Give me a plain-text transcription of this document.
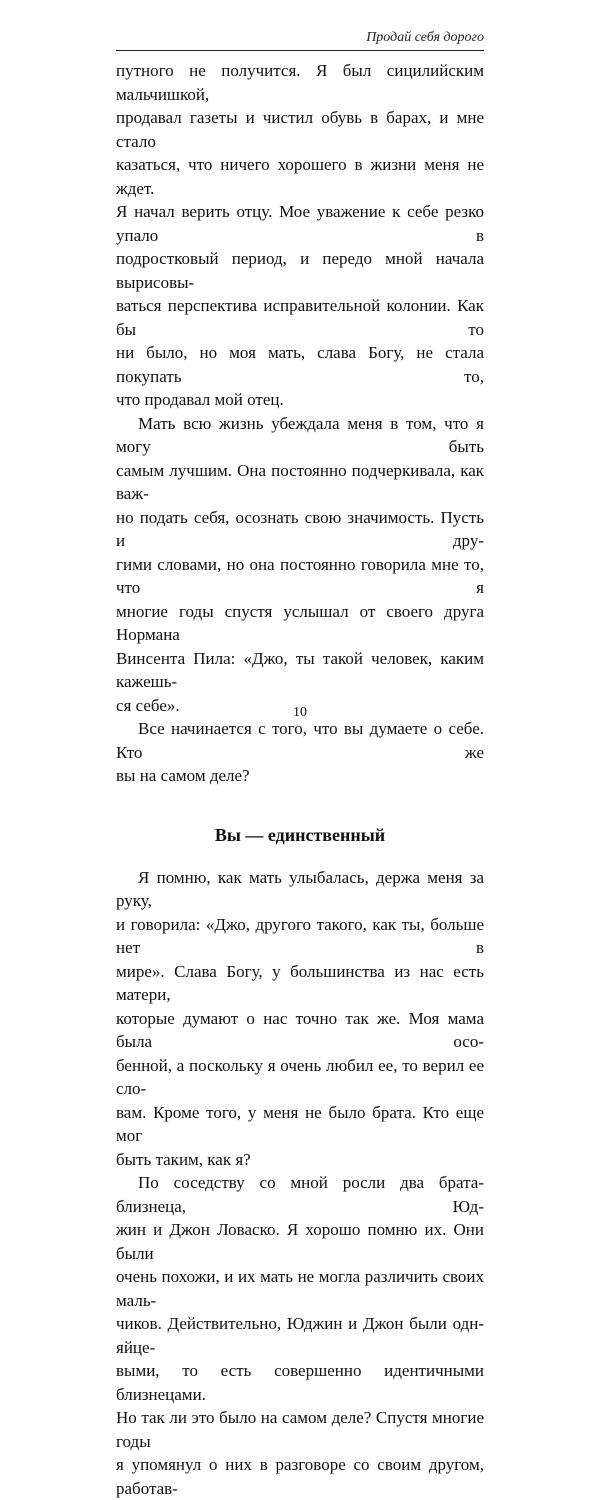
Продай себя дорого

путного не получится. Я был сицилийским мальчишкой,

продавал газеты и чистил обувь в барах, и мне стало

казаться, что ничего хорошего в жизни меня не ждет.

Я начал верить отцу. Мое уважение к себе резко упало в

подростковый период, и передо мной начала вырисовы-

ваться перспектива исправительной колонии. Как бы то

ни было, но моя мать, слава Богу, не стала покупать то,

что продавал мой отец.

Мать всю жизнь убеждала меня в том, что я могу быть

самым лучшим. Она постоянно подчеркивала, как важ-

но подать себя, осознать свою значимость. Пусть и дру-

гими словами, но она постоянно говорила мне то, что я

многие годы спустя услышал от своего друга Нормана

Винсента Пила: «Джо, ты такой человек, каким кажешь-

ся себе».

Все начинается с того, что вы думаете о себе. Кто же

вы на самом деле?

Вы — единственный

Я помню, как мать улыбалась, держа меня за руку,

и говорила: «Джо, другого такого, как ты, больше нет в

мире». Слава Богу, у большинства из нас есть матери,

которые думают о нас точно так же. Моя мама была осо-

бенной, а поскольку я очень любил ее, то верил ее сло-

вам. Кроме того, у меня не было брата. Кто еще мог

быть таким, как я?

По соседству со мной росли два брата-близнеца, Юд-

жин и Джон Ловаско. Я хорошо помню их. Они были

очень похожи, и их мать не могла различить своих маль-

чиков. Действительно, Юджин и Джон были одняйце-

выми, то есть совершенно идентичными близнецами.

Но так ли это было на самом деле? Спустя многие годы

я упомянул о них в разговоре со своим другом, работав-

10
